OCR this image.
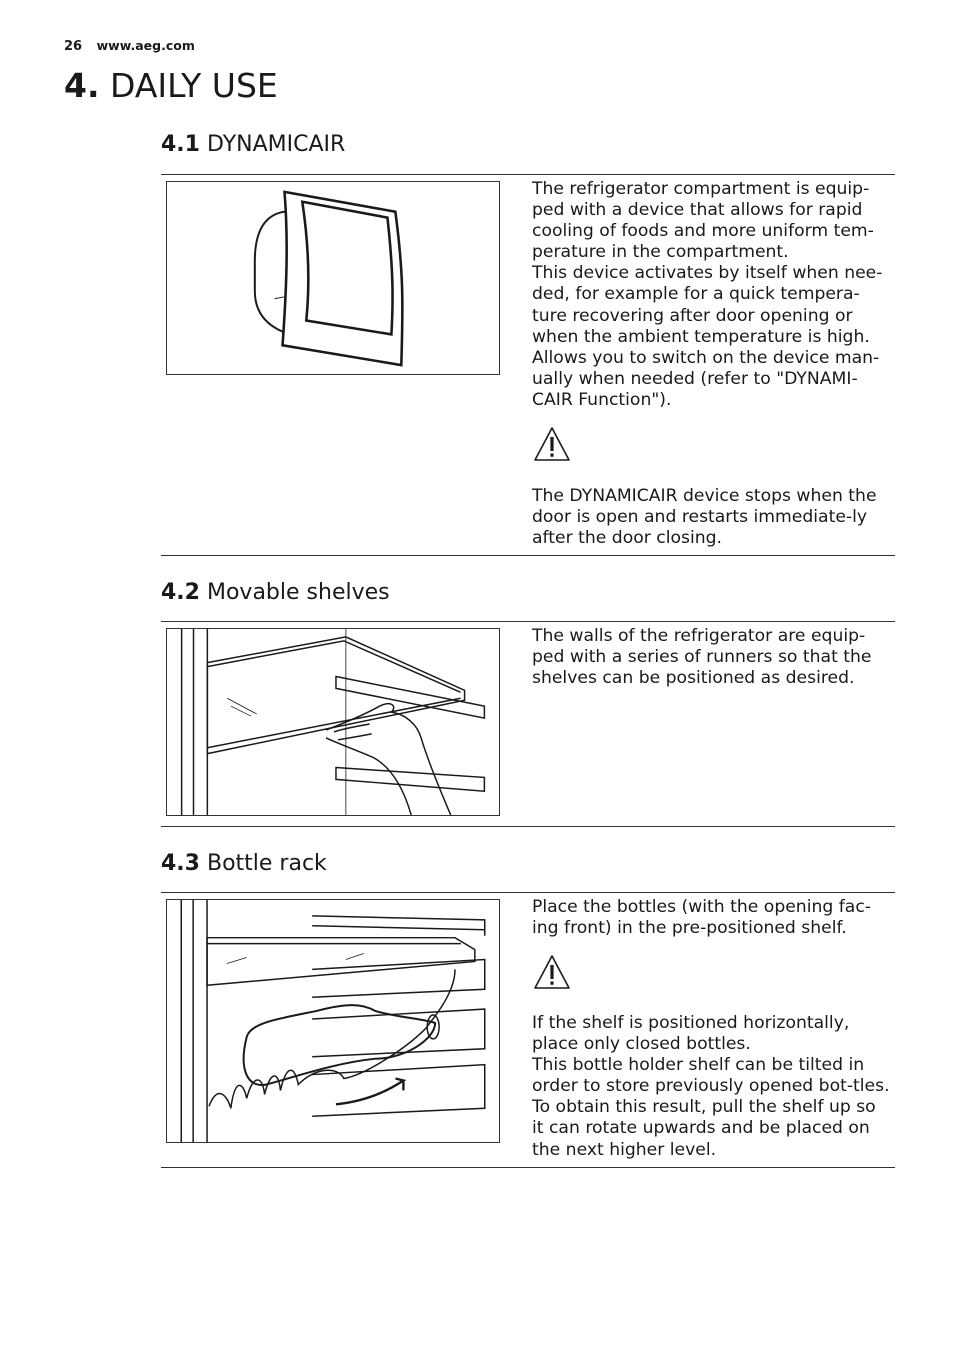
26 www.aeg.com
4. DAILY USE
4.1 DYNAMICAIR

The refrigerator compartment is equip-ped with a device that allows for rapid cooling of foods and more uniform tem-perature in the compartment.

This device activates by itself when nee-ded, for example for a quick tempera-ture recovering after door opening or when the ambient temperature is high.

Allows you to switch on the device man-ually when needed (refer to "DYNAMI-CAIR Function").

The DYNAMICAIR device stops when the door is open and restarts immediate-ly after the door closing.

4.2 Movable shelves

The walls of the refrigerator are equip-ped with a series of runners so that the shelves can be positioned as desired.

4.3 Bottle rack

Place the bottles (with the opening fac-ing front) in the pre-positioned shelf.

If the shelf is positioned horizontally, place only closed bottles.

This bottle holder shelf can be tilted in order to store previously opened bot-tles. To obtain this result, pull the shelf up so it can rotate upwards and be placed on the next higher level.
